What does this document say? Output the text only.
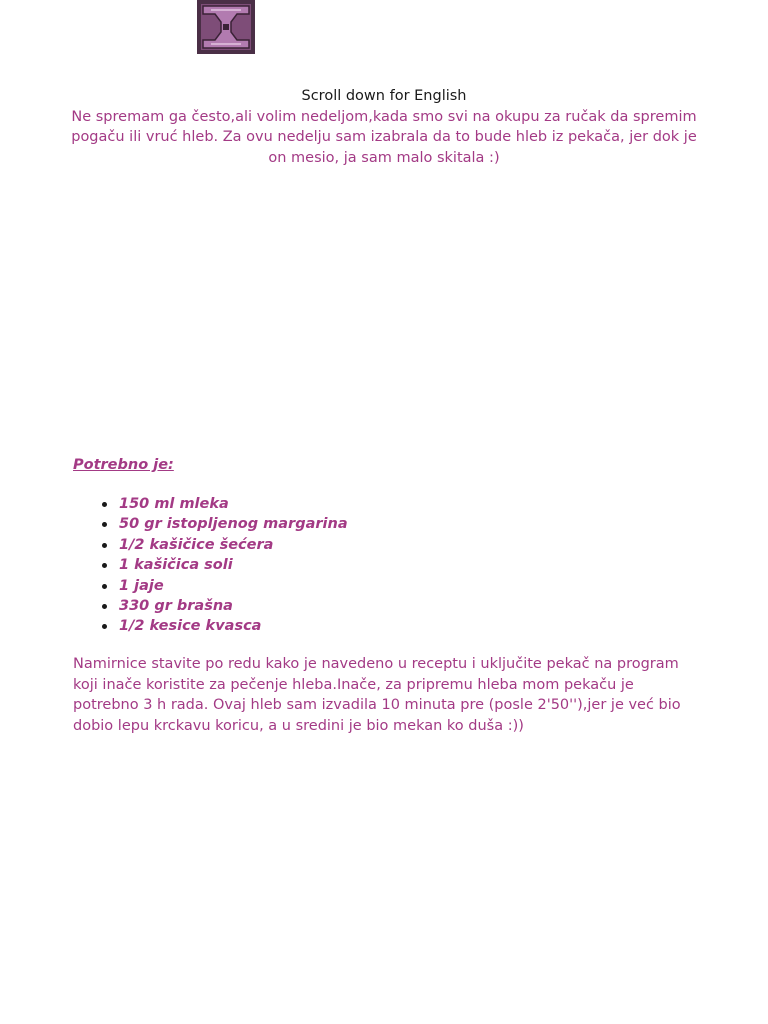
Scroll down for English
Ne spremam ga često,ali volim nedeljom,kada smo svi na okupu za ručak da spremim
pogaču ili vruć hleb. Za ovu nedelju sam izabrala da to bude hleb iz pekača, jer dok je
on mesio, ja sam malo skitala :)
Potrebno je:
150 ml mleka
50 gr istopljenog margarina
1/2 kašičice šećera
1 kašičica soli
1 jaje
330 gr brašna
1/2 kesice kvasca
Namirnice stavite po redu kako je navedeno u receptu i uključite pekač na program
koji inače koristite za pečenje hleba.Inače, za pripremu hleba mom pekaču je
potrebno 3 h rada. Ovaj hleb sam izvadila 10 minuta pre (posle 2'50''),jer je već bio
dobio lepu krckavu koricu, a u sredini je bio mekan ko duša :))
